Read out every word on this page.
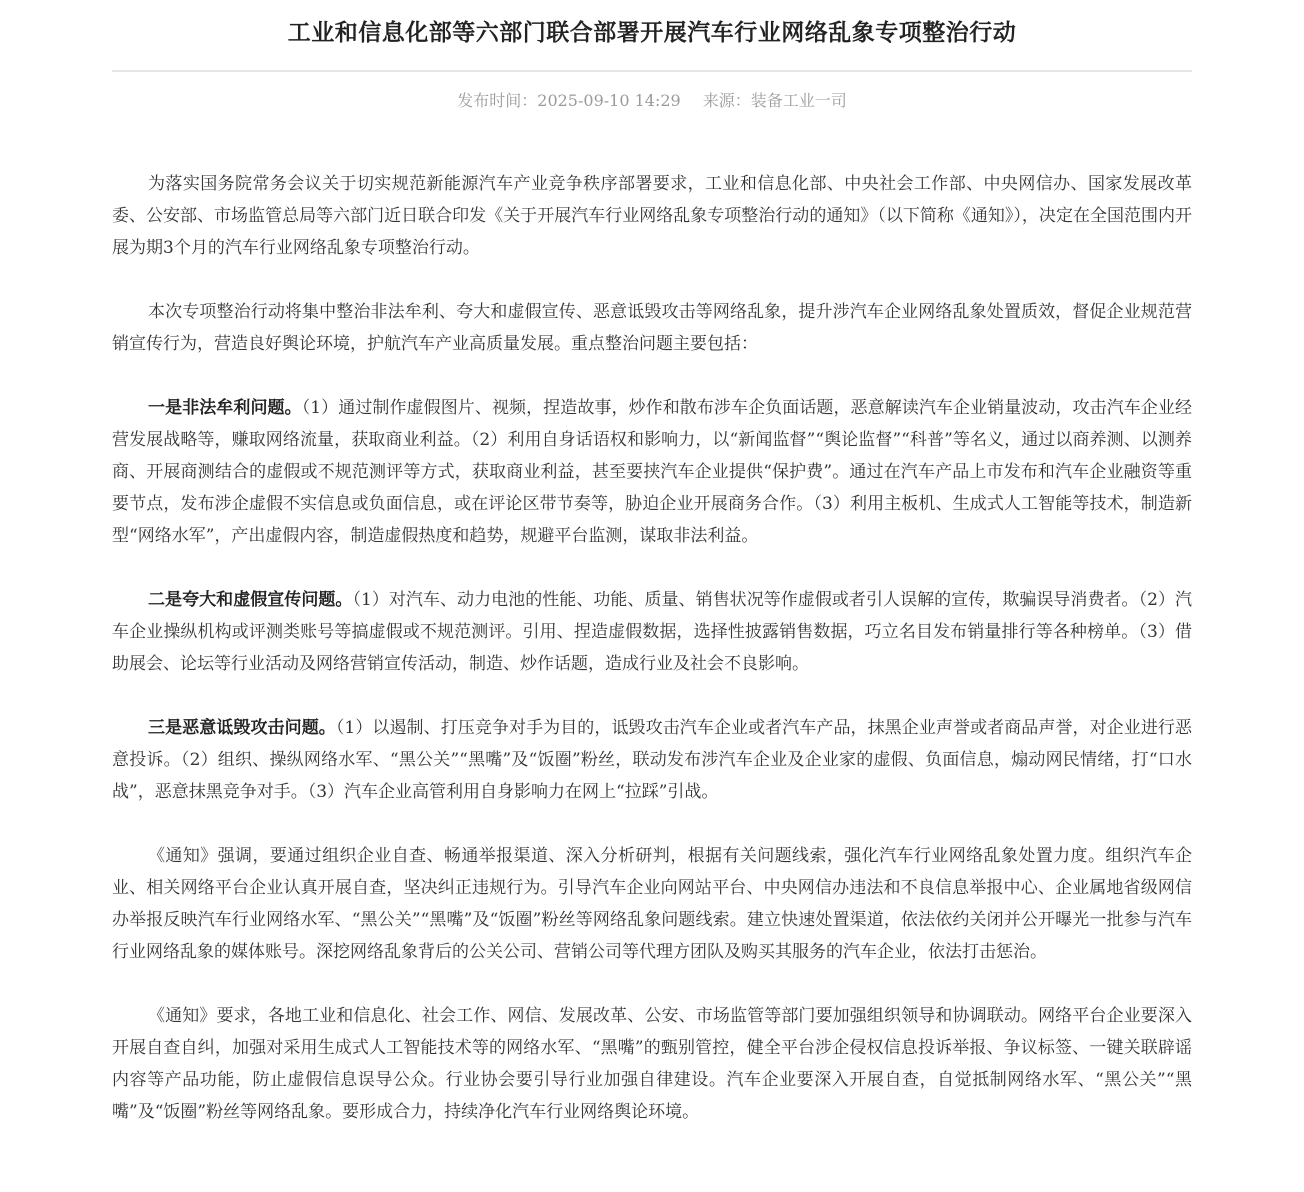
工业和信息化部等六部门联合部署开展汽车行业网络乱象专项整治行动
发布时间：2025-09-10 14:29 来源：装备工业一司

为落实国务院常务会议关于切实规范新能源汽车产业竞争秩序部署要求，工业和信息化部、中央社会工作部、中央网信办、国家发展改革委、公安部、市场监管总局等六部门近日联合印发《关于开展汽车行业网络乱象专项整治行动的通知》（以下简称《通知》），决定在全国范围内开展为期3个月的汽车行业网络乱象专项整治行动。

本次专项整治行动将集中整治非法牟利、夸大和虚假宣传、恶意诋毁攻击等网络乱象，提升涉汽车企业网络乱象处置质效，督促企业规范营销宣传行为，营造良好舆论环境，护航汽车产业高质量发展。重点整治问题主要包括：

一是非法牟利问题。（1）通过制作虚假图片、视频，捏造故事，炒作和散布涉车企负面话题，恶意解读汽车企业销量波动，攻击汽车企业经营发展战略等，赚取网络流量，获取商业利益。（2）利用自身话语权和影响力，以“新闻监督”“舆论监督”“科普”等名义，通过以商养测、以测养商、开展商测结合的虚假或不规范测评等方式，获取商业利益，甚至要挟汽车企业提供“保护费”。通过在汽车产品上市发布和汽车企业融资等重要节点，发布涉企虚假不实信息或负面信息，或在评论区带节奏等，胁迫企业开展商务合作。（3）利用主板机、生成式人工智能等技术，制造新型“网络水军”，产出虚假内容，制造虚假热度和趋势，规避平台监测，谋取非法利益。

二是夸大和虚假宣传问题。（1）对汽车、动力电池的性能、功能、质量、销售状况等作虚假或者引人误解的宣传，欺骗误导消费者。（2）汽车企业操纵机构或评测类账号等搞虚假或不规范测评。引用、捏造虚假数据，选择性披露销售数据，巧立名目发布销量排行等各种榜单。（3）借助展会、论坛等行业活动及网络营销宣传活动，制造、炒作话题，造成行业及社会不良影响。

三是恶意诋毁攻击问题。（1）以遏制、打压竞争对手为目的，诋毁攻击汽车企业或者汽车产品，抹黑企业声誉或者商品声誉，对企业进行恶意投诉。（2）组织、操纵网络水军、“黑公关”“黑嘴”及“饭圈”粉丝，联动发布涉汽车企业及企业家的虚假、负面信息，煽动网民情绪，打“口水战”，恶意抹黑竞争对手。（3）汽车企业高管利用自身影响力在网上“拉踩”引战。

《通知》强调，要通过组织企业自查、畅通举报渠道、深入分析研判，根据有关问题线索，强化汽车行业网络乱象处置力度。组织汽车企业、相关网络平台企业认真开展自查，坚决纠正违规行为。引导汽车企业向网站平台、中央网信办违法和不良信息举报中心、企业属地省级网信办举报反映汽车行业网络水军、“黑公关”“黑嘴”及“饭圈”粉丝等网络乱象问题线索。建立快速处置渠道，依法依约关闭并公开曝光一批参与汽车行业网络乱象的媒体账号。深挖网络乱象背后的公关公司、营销公司等代理方团队及购买其服务的汽车企业，依法打击惩治。

《通知》要求，各地工业和信息化、社会工作、网信、发展改革、公安、市场监管等部门要加强组织领导和协调联动。网络平台企业要深入开展自查自纠，加强对采用生成式人工智能技术等的网络水军、“黑嘴”的甄别管控，健全平台涉企侵权信息投诉举报、争议标签、一键关联辟谣内容等产品功能，防止虚假信息误导公众。行业协会要引导行业加强自律建设。汽车企业要深入开展自查，自觉抵制网络水军、“黑公关”“黑嘴”及“饭圈”粉丝等网络乱象。要形成合力，持续净化汽车行业网络舆论环境。
